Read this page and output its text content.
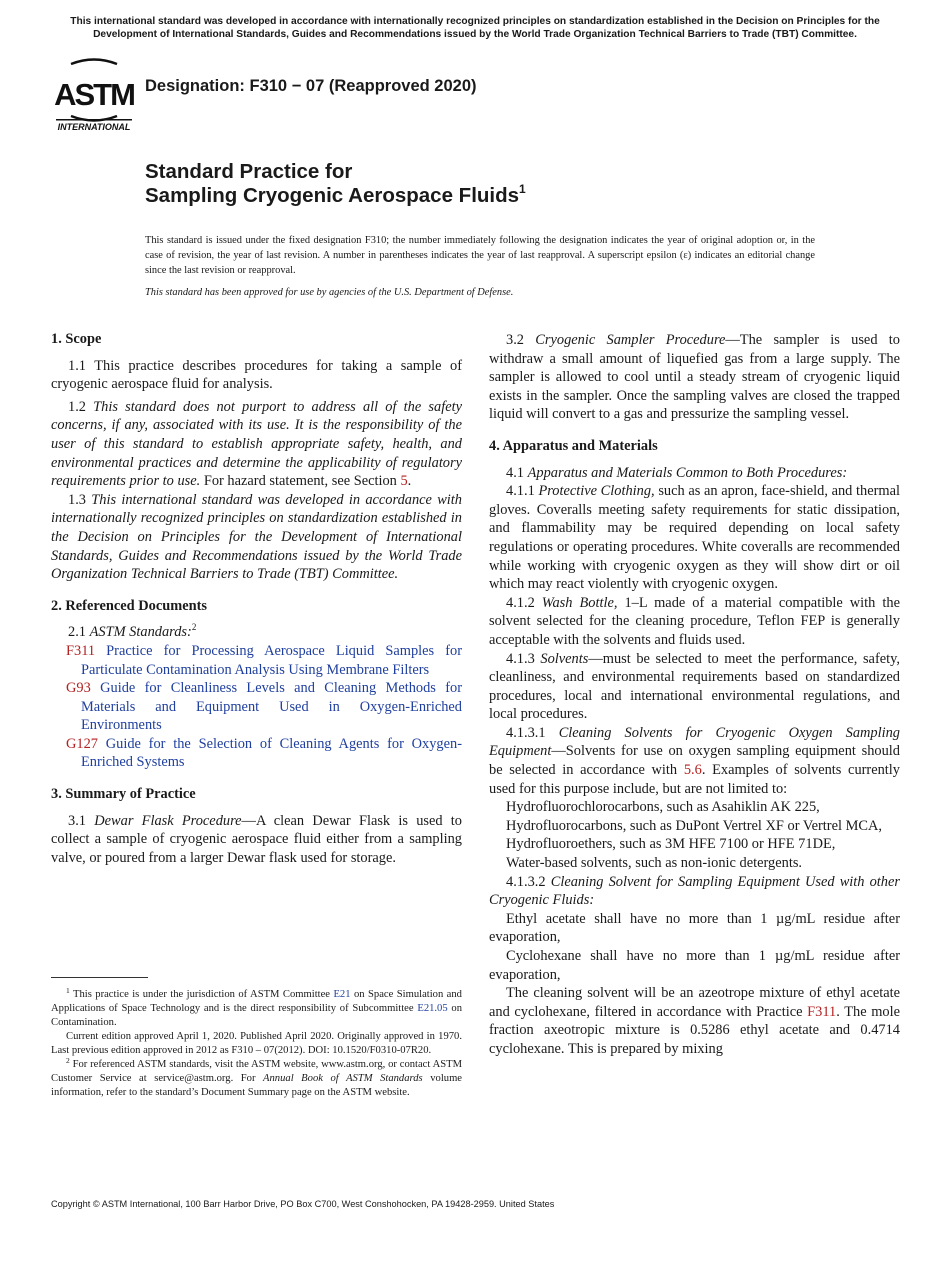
This international standard was developed in accordance with internationally recognized principles on standardization established in the Decision on Principles for the Development of International Standards, Guides and Recommendations issued by the World Trade Organization Technical Barriers to Trade (TBT) Committee.
ASTM
INTERNATIONAL
Designation: F310 − 07 (Reapproved 2020)
Standard Practice for
Sampling Cryogenic Aerospace Fluids$^1$
This standard is issued under the fixed designation F310; the number immediately following the designation indicates the year of original adoption or, in the case of revision, the year of last revision. A number in parentheses indicates the year of last reapproval. A superscript epsilon (ε) indicates an editorial change since the last revision or reapproval.
This standard has been approved for use by agencies of the U.S. Department of Defense.
1. Scope

1.1 This practice describes procedures for taking a sample of cryogenic aerospace fluid for analysis.

1.2 This standard does not purport to address all of the safety concerns, if any, associated with its use. It is the responsibility of the user of this standard to establish appropriate safety, health, and environmental practices and determine the applicability of regulatory requirements prior to use. For hazard statement, see Section 5.

1.3 This international standard was developed in accordance with internationally recognized principles on standardization established in the Decision on Principles for the Development of International Standards, Guides and Recommendations issued by the World Trade Organization Technical Barriers to Trade (TBT) Committee.

2. Referenced Documents

2.1 ASTM Standards:$^2$

F311 Practice for Processing Aerospace Liquid Samples for Particulate Contamination Analysis Using Membrane Filters
G93 Guide for Cleanliness Levels and Cleaning Methods for Materials and Equipment Used in Oxygen-Enriched Environments
G127 Guide for the Selection of Cleaning Agents for Oxygen-Enriched Systems
3. Summary of Practice

3.1 Dewar Flask Procedure—A clean Dewar Flask is used to collect a sample of cryogenic aerospace fluid either from a sampling valve, or poured from a larger Dewar flask used for storage.

3.2 Cryogenic Sampler Procedure—The sampler is used to withdraw a small amount of liquefied gas from a large supply. The sampler is allowed to cool until a steady stream of cryogenic liquid exists in the sampler. Once the sampling valves are closed the trapped liquid will convert to a gas and pressurize the sampling vessel.

4. Apparatus and Materials

4.1 Apparatus and Materials Common to Both Procedures:

4.1.1 Protective Clothing, such as an apron, face-shield, and thermal gloves. Coveralls meeting safety requirements for static dissipation, and flammability may be required depending on local safety regulations or operating procedures. White coveralls are recommended while working with cryogenic oxygen as they will show dirt or oil which may react violently with cryogenic oxygen.

4.1.2 Wash Bottle, 1–L made of a material compatible with the solvent selected for the cleaning procedure, Teflon FEP is generally acceptable with the solvents and fluids used.

4.1.3 Solvents—must be selected to meet the performance, safety, cleanliness, and environmental requirements based on standardized procedures, local and international environmental regulations, and local procedures.

4.1.3.1 Cleaning Solvents for Cryogenic Oxygen Sampling Equipment—Solvents for use on oxygen sampling equipment should be selected in accordance with 5.6. Examples of solvents currently used for this purpose include, but are not limited to:

Hydrofluorochlorocarbons, such as Asahiklin AK 225,

Hydrofluorocarbons, such as DuPont Vertrel XF or Vertrel MCA,

Hydrofluoroethers, such as 3M HFE 7100 or HFE 71DE,

Water-based solvents, such as non-ionic detergents.

4.1.3.2 Cleaning Solvent for Sampling Equipment Used with other Cryogenic Fluids:

Ethyl acetate shall have no more than 1 µg/mL residue after evaporation,

Cyclohexane shall have no more than 1 µg/mL residue after evaporation,

The cleaning solvent will be an azeotrope mixture of ethyl acetate and cyclohexane, filtered in accordance with Practice F311. The mole fraction axeotropic mixture is 0.5286 ethyl acetate and 0.4714 cyclohexane. This is prepared by mixing

$^1$ This practice is under the jurisdiction of ASTM Committee E21 on Space Simulation and Applications of Space Technology and is the direct responsibility of Subcommittee E21.05 on Contamination.

Current edition approved April 1, 2020. Published April 2020. Originally approved in 1970. Last previous edition approved in 2012 as F310 – 07(2012). DOI: 10.1520/F0310-07R20.

$^2$ For referenced ASTM standards, visit the ASTM website, www.astm.org, or contact ASTM Customer Service at service@astm.org. For Annual Book of ASTM Standards volume information, refer to the standard’s Document Summary page on the ASTM website.

Copyright © ASTM International, 100 Barr Harbor Drive, PO Box C700, West Conshohocken, PA 19428-2959. United States
